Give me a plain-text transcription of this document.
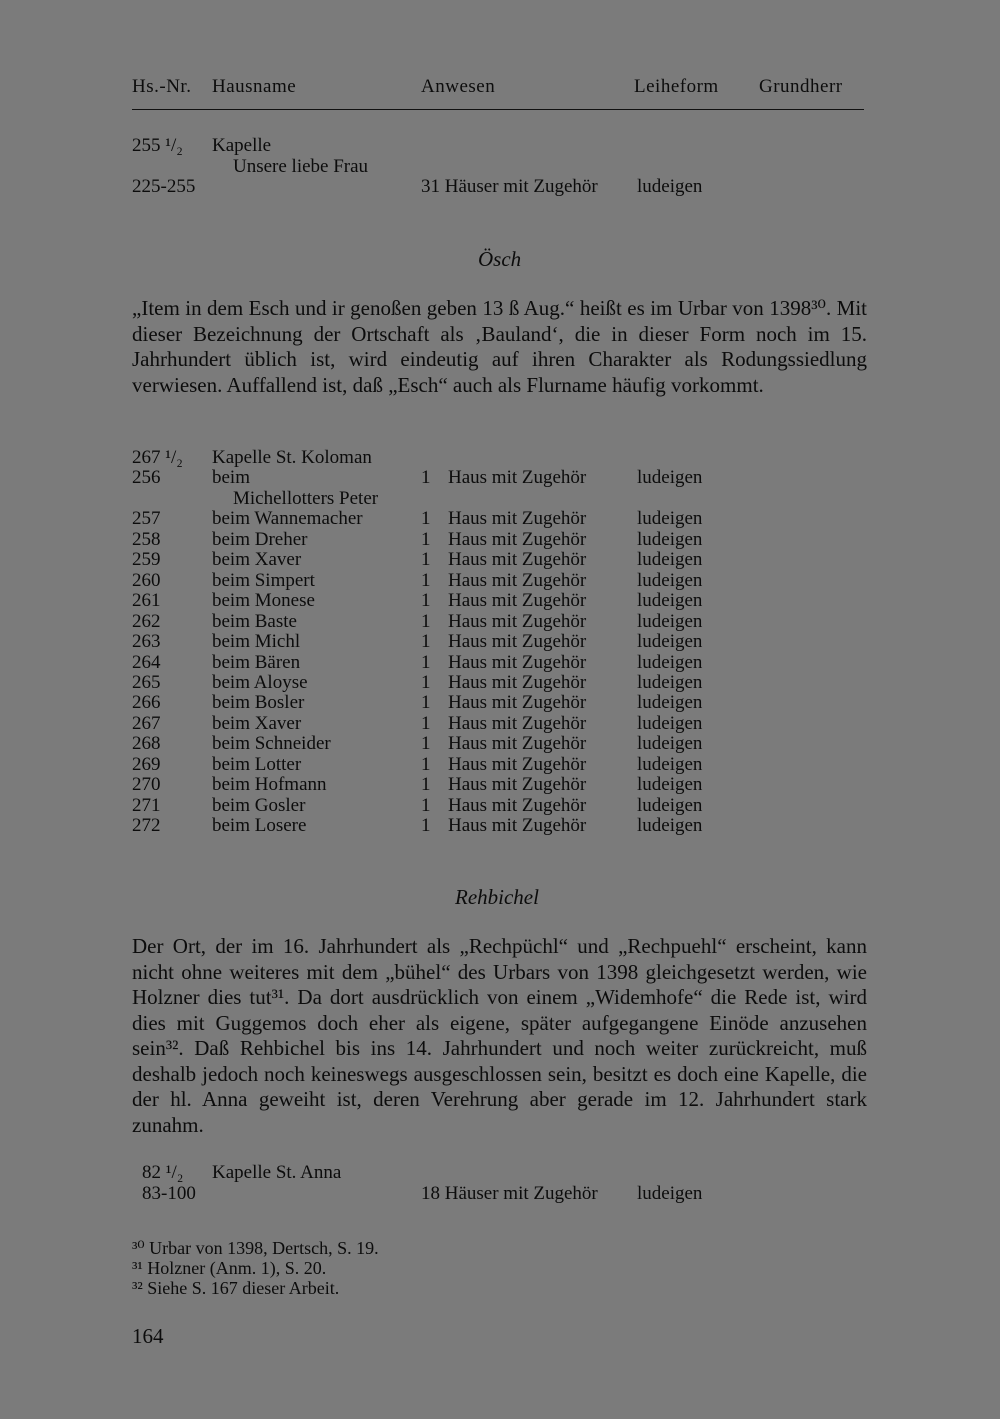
Hs.-Nr. Hausname	Anwesen	Leiheform Grundherr
255 ¹/₂ Kapelle
Unsere liebe Frau
225-255	31 Häuser mit Zugehör ludeigen
Ösch
„Item in dem Esch und ir genoßen geben 13 ß Aug.“ heißt es im Urbar von 1398³⁰. Mit dieser Bezeichnung der Ortschaft als ‚Bauland‘, die in dieser Form noch im 15. Jahrhundert üblich ist, wird eindeutig auf ihren Charakter als Rodungssiedlung verwiesen. Auffallend ist, daß „Esch“ auch als Flurname häufig vorkommt.
267 ¹/₂ Kapelle St. Koloman
256	beim	1 Haus mit Zugehör	ludeigen
Michellotters Peter
257	beim Wannemacher	1 Haus mit Zugehör	ludeigen
258	beim Dreher	1 Haus mit Zugehör	ludeigen
259	beim Xaver	1 Haus mit Zugehör	ludeigen
260	beim Simpert	1 Haus mit Zugehör	ludeigen
261	beim Monese	1 Haus mit Zugehör	ludeigen
262	beim Baste	1 Haus mit Zugehör	ludeigen
263	beim Michl	1 Haus mit Zugehör	ludeigen
264	beim Bären	1 Haus mit Zugehör	ludeigen
265	beim Aloyse	1 Haus mit Zugehör	ludeigen
266	beim Bosler	1 Haus mit Zugehör	ludeigen
267	beim Xaver	1 Haus mit Zugehör	ludeigen
268	beim Schneider	1 Haus mit Zugehör	ludeigen
269	beim Lotter	1 Haus mit Zugehör	ludeigen
270	beim Hofmann	1 Haus mit Zugehör	ludeigen
271	beim Gosler	1 Haus mit Zugehör	ludeigen
272	beim Losere	1 Haus mit Zugehör	ludeigen
Rehbichel
Der Ort, der im 16. Jahrhundert als „Rechpüchl“ und „Rechpuehl“ erscheint, kann nicht ohne weiteres mit dem „bühel“ des Urbars von 1398 gleichgesetzt werden, wie Holzner dies tut³¹. Da dort ausdrücklich von einem „Widemhofe“ die Rede ist, wird dies mit Guggemos doch eher als eigene, später aufgegangene Einöde anzusehen sein³². Daß Rehbichel bis ins 14. Jahrhundert und noch weiter zurückreicht, muß deshalb jedoch noch keineswegs ausgeschlossen sein, besitzt es doch eine Kapelle, die der hl. Anna geweiht ist, deren Verehrung aber gerade im 12. Jahrhundert stark zunahm.
82 ¹/₂ Kapelle St. Anna
83-100	18 Häuser mit Zugehör ludeigen
³⁰ Urbar von 1398, Dertsch, S. 19.
³¹ Holzner (Anm. 1), S. 20.
³² Siehe S. 167 dieser Arbeit.
164
